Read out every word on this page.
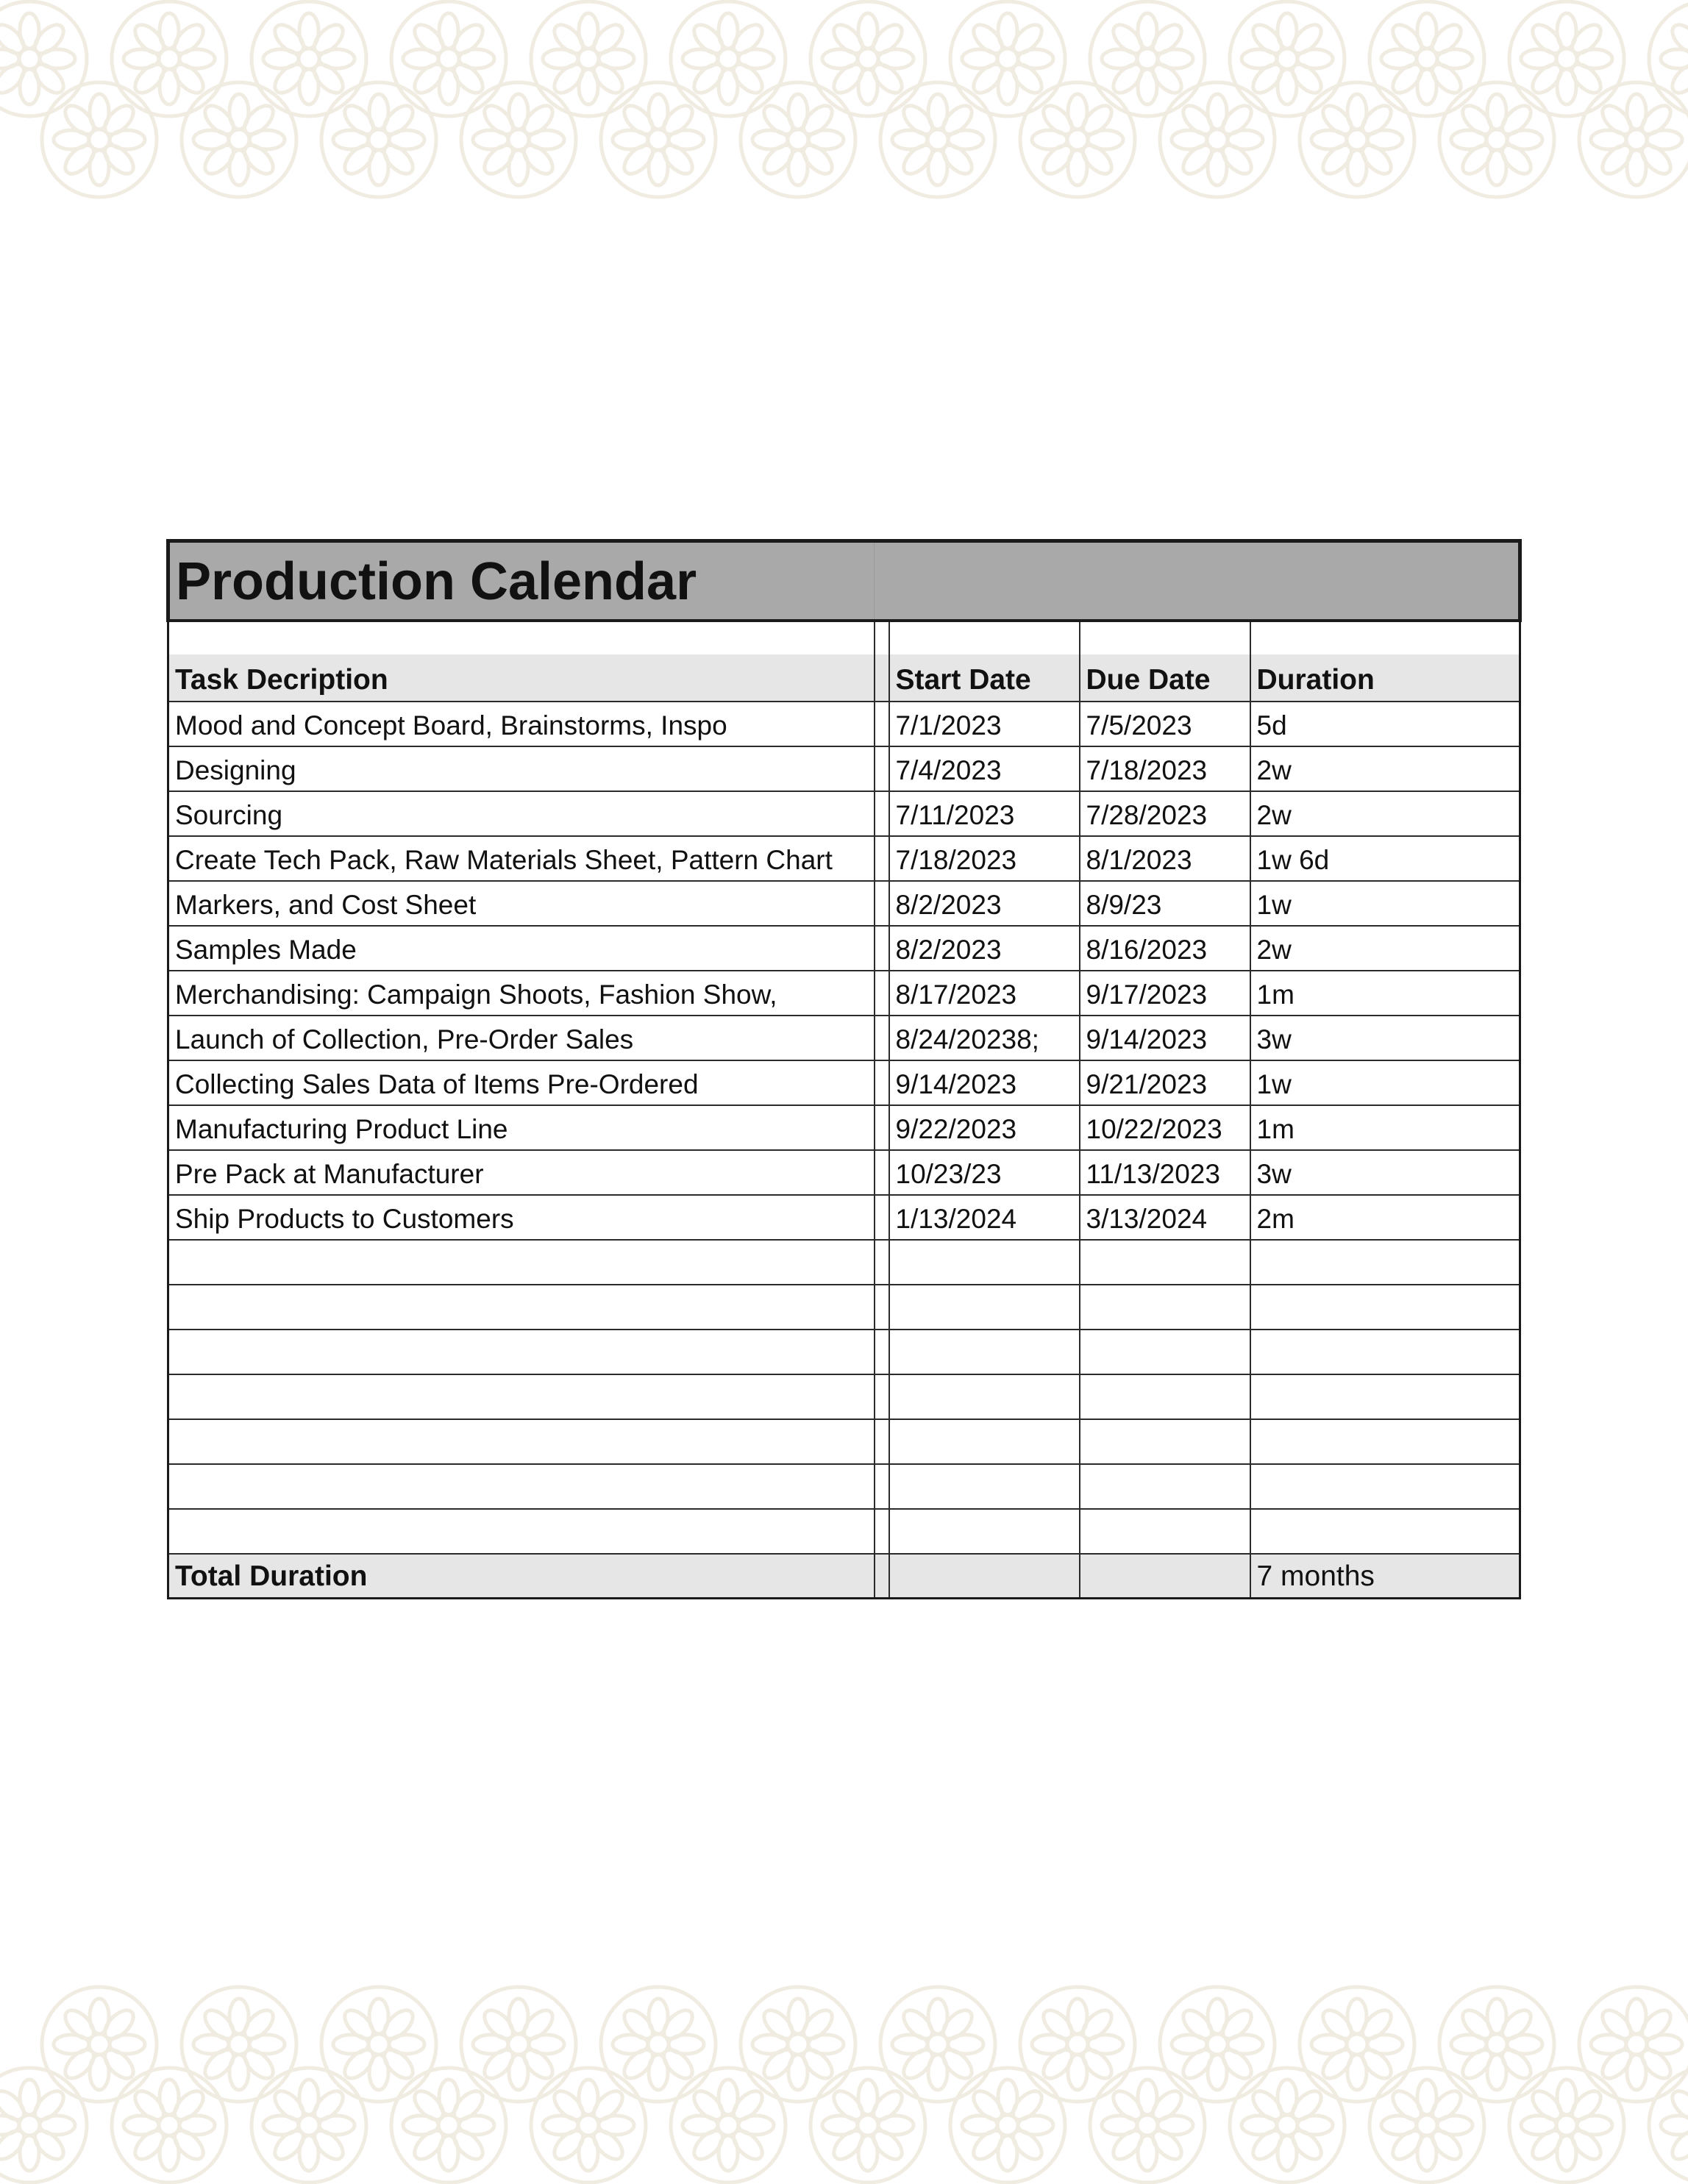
Production Calendar				

Task Decription		Start Date	Due Date	Duration
Mood and Concept Board, Brainstorms, Inspo		7/1/2023	7/5/2023	5d
Designing		7/4/2023	7/18/2023	2w
Sourcing		7/11/2023	7/28/2023	2w
Create Tech Pack, Raw Materials Sheet, Pattern Chart		7/18/2023	8/1/2023	1w 6d
Markers, and Cost Sheet		8/2/2023	8/9/23	1w
Samples Made		8/2/2023	8/16/2023	2w
Merchandising: Campaign Shoots, Fashion Show,		8/17/2023	9/17/2023	1m
Launch of Collection, Pre-Order Sales		8/24/20238;	9/14/2023	3w
Collecting Sales Data of Items Pre-Ordered		9/14/2023	9/21/2023	1w
Manufacturing Product Line		9/22/2023	10/22/2023	1m
Pre Pack at Manufacturer		10/23/23	11/13/2023	3w
Ship Products to Customers		1/13/2024	3/13/2024	2m

Total Duration				7 months
